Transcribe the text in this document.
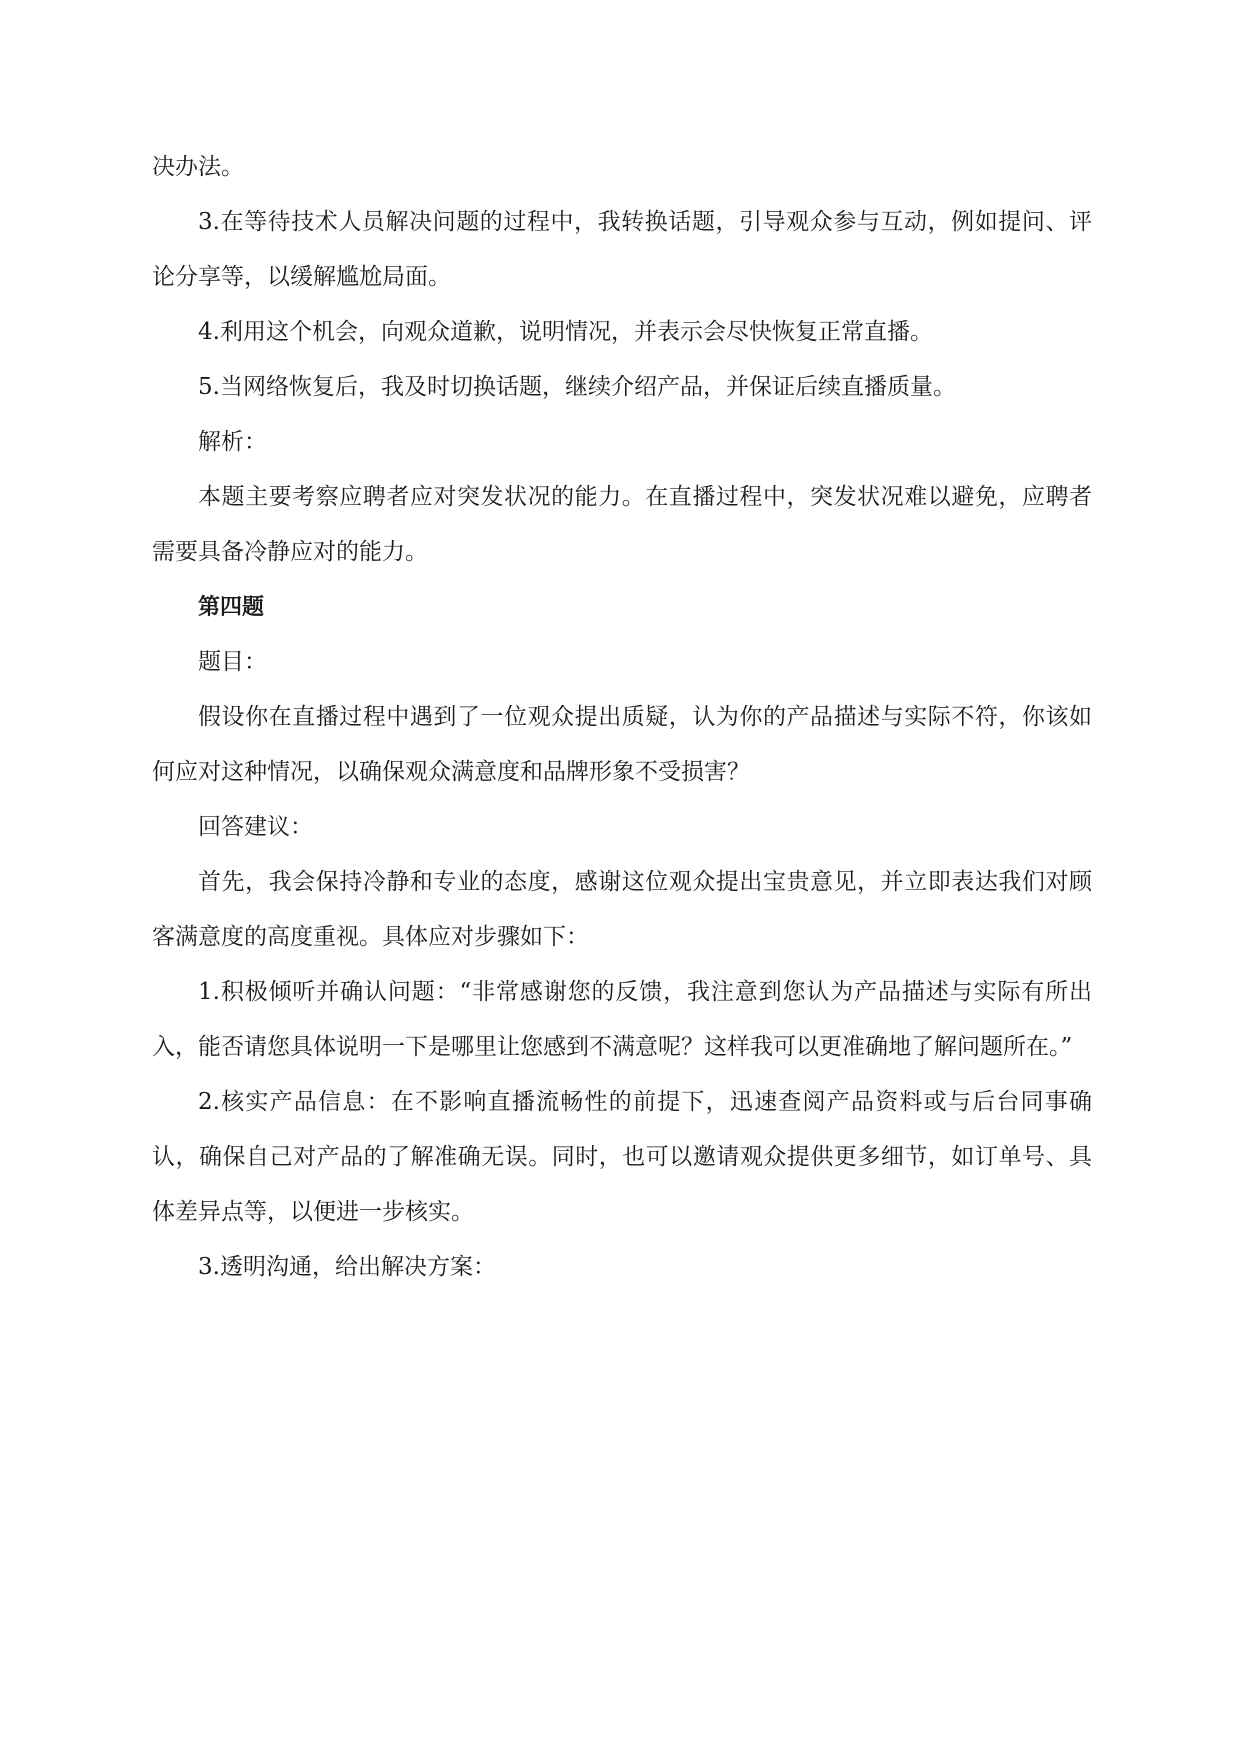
决办法。

3.在等待技术人员解决问题的过程中，我转换话题，引导观众参与互动，例如提问、评论分享等，以缓解尴尬局面。

4.利用这个机会，向观众道歉，说明情况，并表示会尽快恢复正常直播。

5.当网络恢复后，我及时切换话题，继续介绍产品，并保证后续直播质量。

解析：

本题主要考察应聘者应对突发状况的能力。在直播过程中，突发状况难以避免，应聘者需要具备冷静应对的能力。

第四题

题目：

假设你在直播过程中遇到了一位观众提出质疑，认为你的产品描述与实际不符，你该如何应对这种情况，以确保观众满意度和品牌形象不受损害？

回答建议：

首先，我会保持冷静和专业的态度，感谢这位观众提出宝贵意见，并立即表达我们对顾客满意度的高度重视。具体应对步骤如下：

1.积极倾听并确认问题：“非常感谢您的反馈，我注意到您认为产品描述与实际有所出入，能否请您具体说明一下是哪里让您感到不满意呢？这样我可以更准确地了解问题所在。”

2.核实产品信息：在不影响直播流畅性的前提下，迅速查阅产品资料或与后台同事确认，确保自己对产品的了解准确无误。同时，也可以邀请观众提供更多细节，如订单号、具体差异点等，以便进一步核实。

3.透明沟通，给出解决方案：
